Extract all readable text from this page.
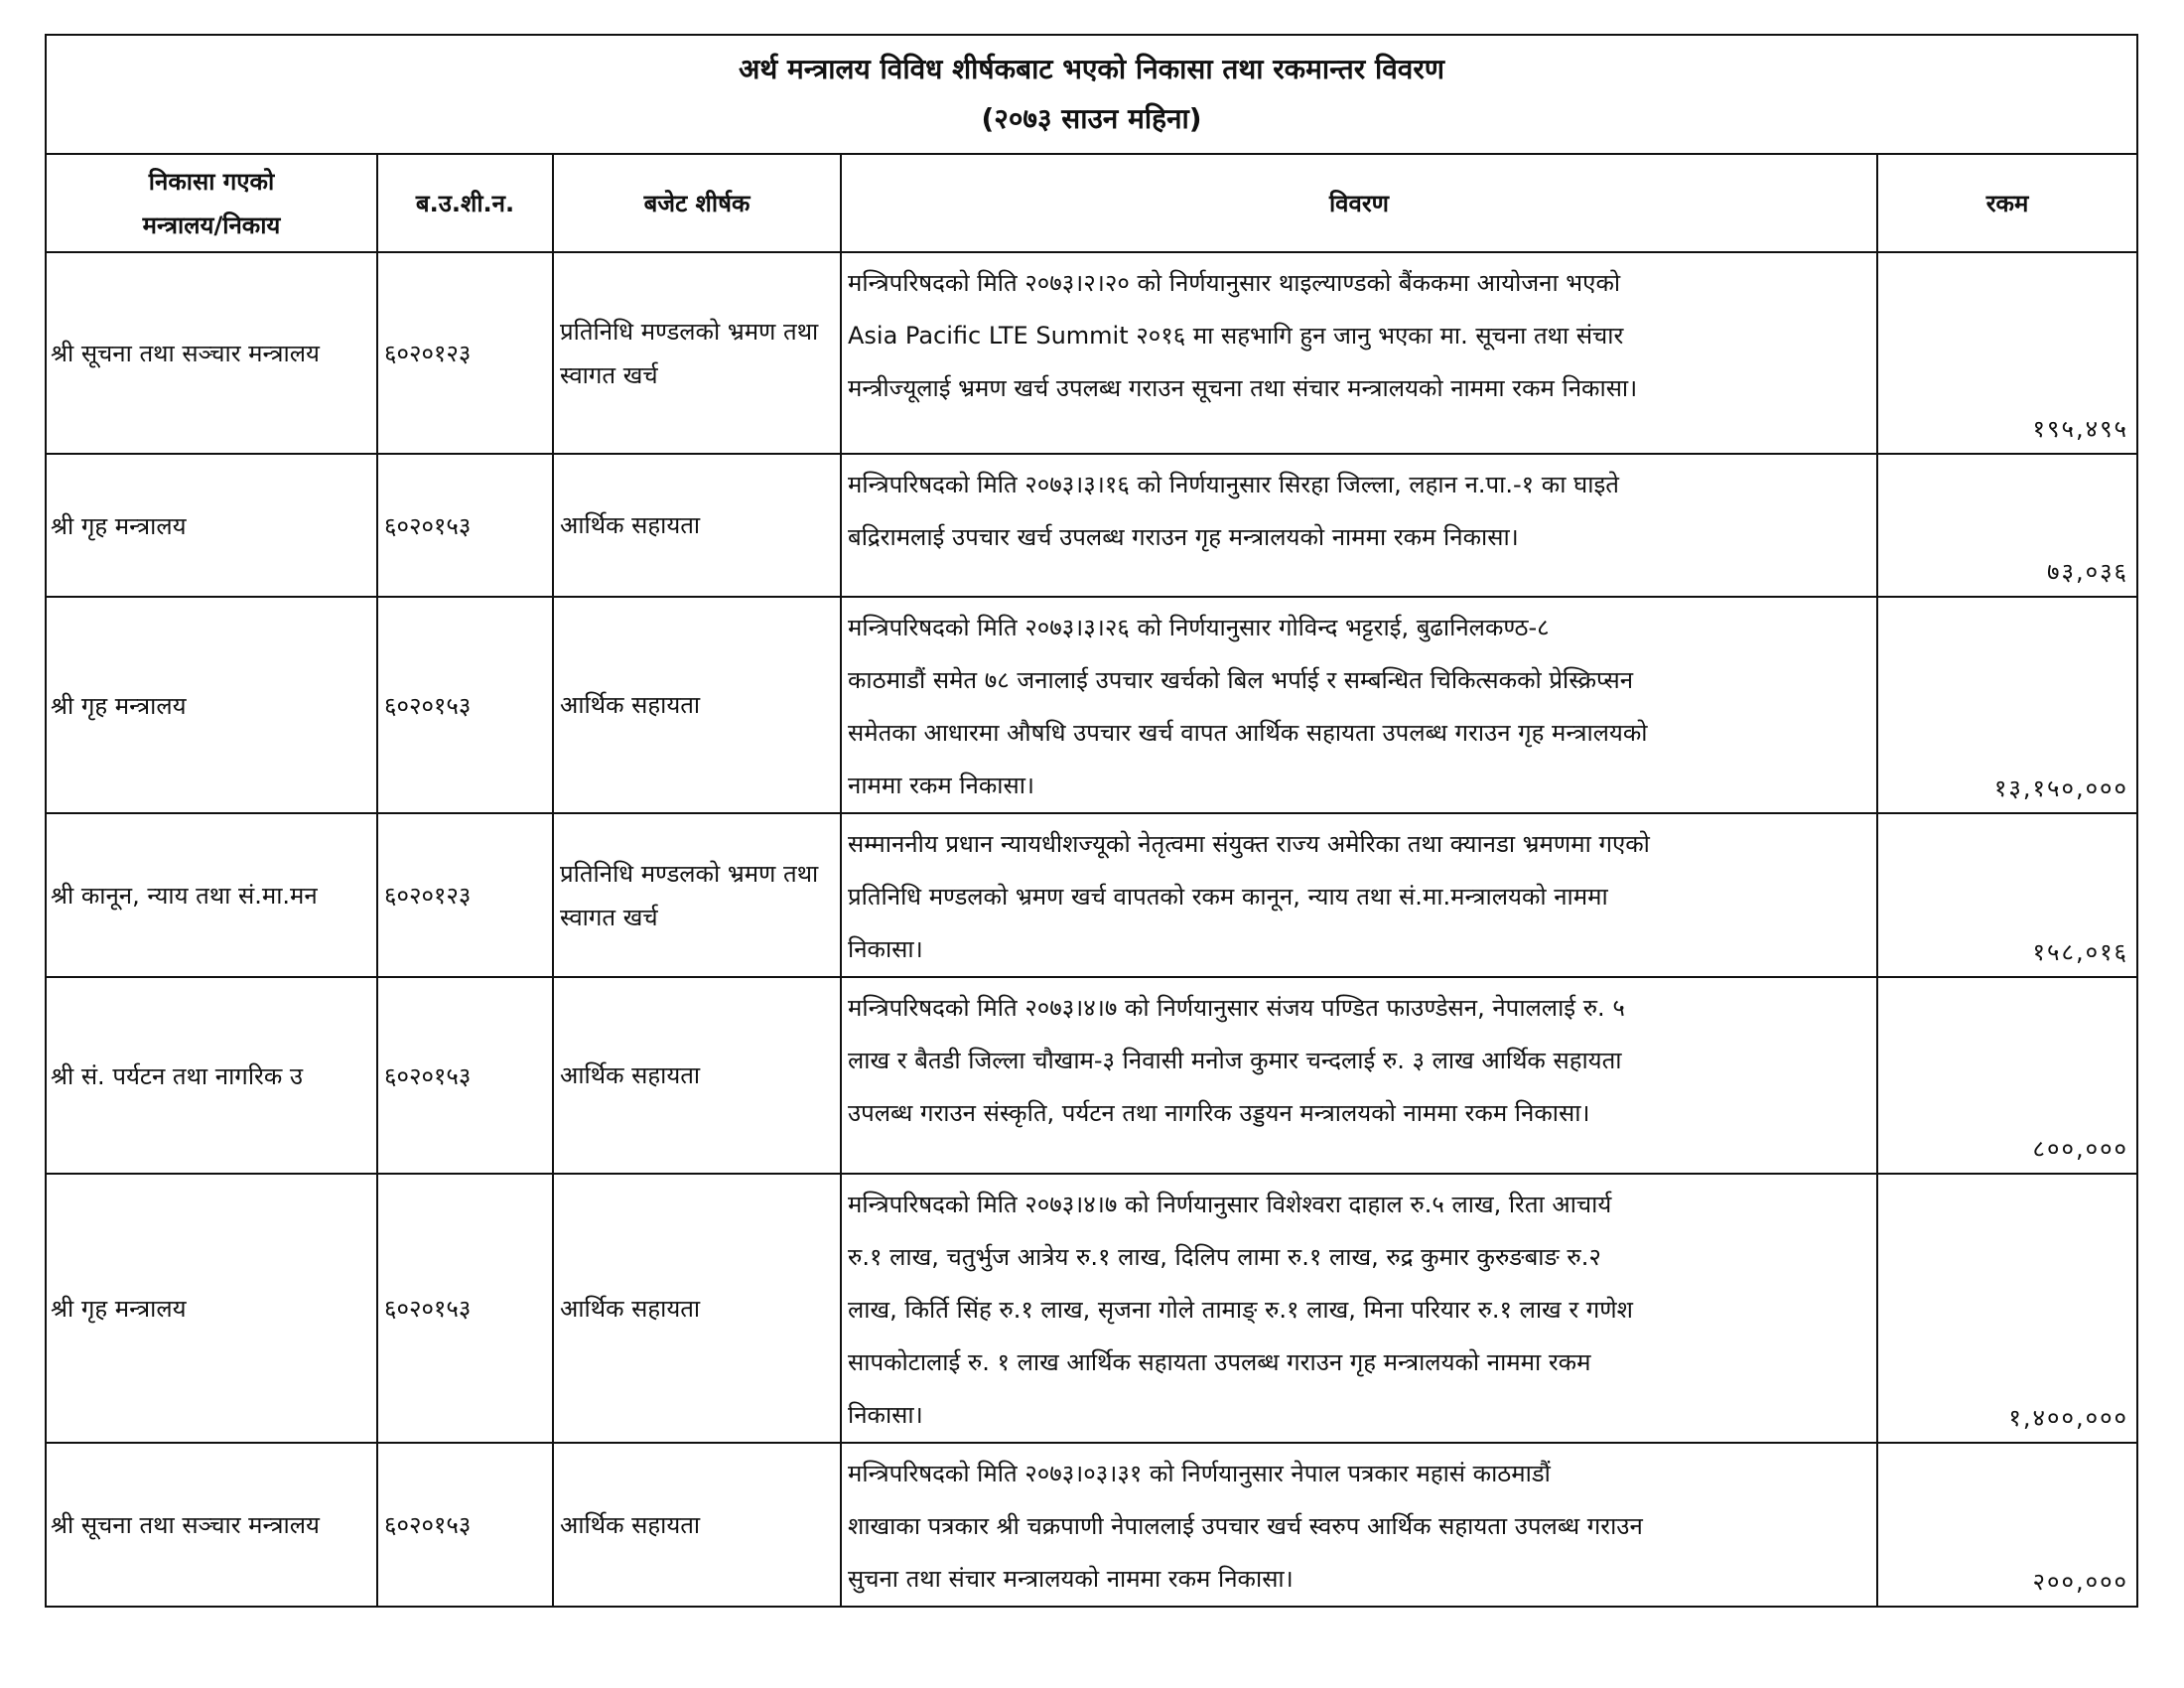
अर्थ मन्त्रालय विविध शीर्षकबाट भएको निकासा तथा रकमान्तर विवरण
(२०७३ साउन महिना)				

निकासा गएको
मन्त्रालय/निकाय	ब.उ.शी.न.	बजेट शीर्षक	विवरण	रकम
श्री सूचना तथा सञ्चार मन्त्रालय	६०२०१२३	प्रतिनिधि मण्डलको भ्रमण तथा स्वागत खर्च	मन्त्रिपरिषदको मिति २०७३।२।२० को निर्णयानुसार थाइल्याण्डको बैंककमा आयोजना भएको
Asia Pacific LTE Summit २०१६ मा सहभागि हुन जानु भएका मा. सूचना तथा संचार
मन्त्रीज्यूलाई भ्रमण खर्च उपलब्ध गराउन सूचना तथा संचार मन्त्रालयको नाममा रकम निकासा।	१९५,४९५
श्री गृह मन्त्रालय	६०२०१५३	आर्थिक सहायता	मन्त्रिपरिषदको मिति २०७३।३।१६ को निर्णयानुसार सिरहा जिल्ला, लहान न.पा.-१ का घाइते
बद्रिरामलाई उपचार खर्च उपलब्ध गराउन गृह मन्त्रालयको नाममा रकम निकासा।	७३,०३६
श्री गृह मन्त्रालय	६०२०१५३	आर्थिक सहायता	मन्त्रिपरिषदको मिति २०७३।३।२६ को निर्णयानुसार गोविन्द भट्टराई, बुढानिलकण्ठ-८
काठमाडौं समेत ७८ जनालाई उपचार खर्चको बिल भर्पाई र सम्बन्धित चिकित्सकको प्रेस्क्रिप्सन
समेतका आधारमा औषधि उपचार खर्च वापत आर्थिक सहायता उपलब्ध गराउन गृह मन्त्रालयको
नाममा रकम निकासा।	१३,१५०,०००
श्री कानून, न्याय तथा सं.मा.मन	६०२०१२३	प्रतिनिधि मण्डलको भ्रमण तथा स्वागत खर्च	सम्माननीय प्रधान न्यायधीशज्यूको नेतृत्वमा संयुक्त राज्य अमेरिका तथा क्यानडा भ्रमणमा गएको
प्रतिनिधि मण्डलको भ्रमण खर्च वापतको रकम कानून, न्याय तथा सं.मा.मन्त्रालयको नाममा
निकासा।	१५८,०१६
श्री सं. पर्यटन तथा नागरिक उ	६०२०१५३	आर्थिक सहायता	मन्त्रिपरिषदको मिति २०७३।४।७ को निर्णयानुसार संजय पण्डित फाउण्डेसन, नेपाललाई रु. ५
लाख र बैतडी जिल्ला चौखाम-३ निवासी मनोज कुमार चन्दलाई रु. ३ लाख आर्थिक सहायता
उपलब्ध गराउन संस्कृति, पर्यटन तथा नागरिक उड्डयन मन्त्रालयको नाममा रकम निकासा।	८००,०००
श्री गृह मन्त्रालय	६०२०१५३	आर्थिक सहायता	मन्त्रिपरिषदको मिति २०७३।४।७ को निर्णयानुसार विशेश्वरा दाहाल रु.५ लाख, रिता आचार्य
रु.१ लाख, चतुर्भुज आत्रेय रु.१ लाख, दिलिप लामा रु.१ लाख, रुद्र कुमार कुरुङबाङ रु.२
लाख, किर्ति सिंह रु.१ लाख, सृजना गोले तामाङ् रु.१ लाख, मिना परियार रु.१ लाख र गणेश
सापकोटालाई रु. १ लाख आर्थिक सहायता उपलब्ध गराउन गृह मन्त्रालयको नाममा रकम
निकासा।	१,४००,०००
श्री सूचना तथा सञ्चार मन्त्रालय	६०२०१५३	आर्थिक सहायता	मन्त्रिपरिषदको मिति २०७३।०३।३१ को निर्णयानुसार नेपाल पत्रकार महासं काठमाडौं
शाखाका पत्रकार श्री चक्रपाणी नेपाललाई उपचार खर्च स्वरुप आर्थिक सहायता उपलब्ध गराउन
सुचना तथा संचार मन्त्रालयको नाममा रकम निकासा।	२००,०००
